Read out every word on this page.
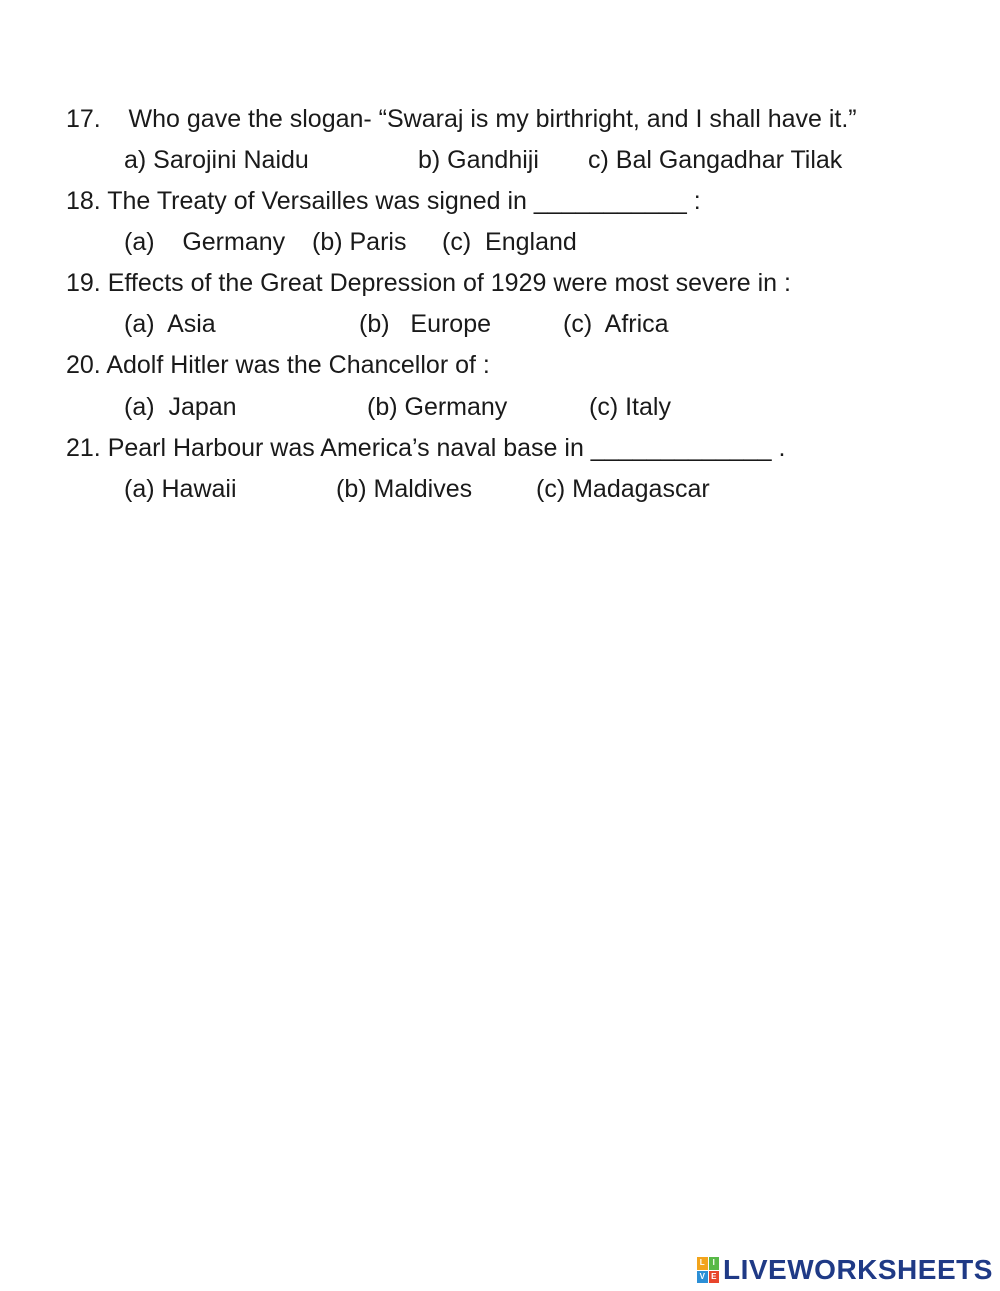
17.    Who gave the slogan- “Swaraj is my birthright, and I shall have it.”
a) Sarojini Naidu	b) Gandhiji c) Bal Gangadhar Tilak
18. The Treaty of Versailles was signed in ___________ :
(a)    Germany (b) Paris (c)  England
19. Effects of the Great Depression of 1929 were most severe in :
(a)  Asia	(b)   Europe	(c)  Africa
20. Adolf Hitler was the Chancellor of :
(a)  Japan	(b) Germany	(c) Italy
21. Pearl Harbour was America’s naval base in _____________ .
(a) Hawaii	(b) Maldives	(c) Madagascar
L I
V E LIVEWORKSHEETS
